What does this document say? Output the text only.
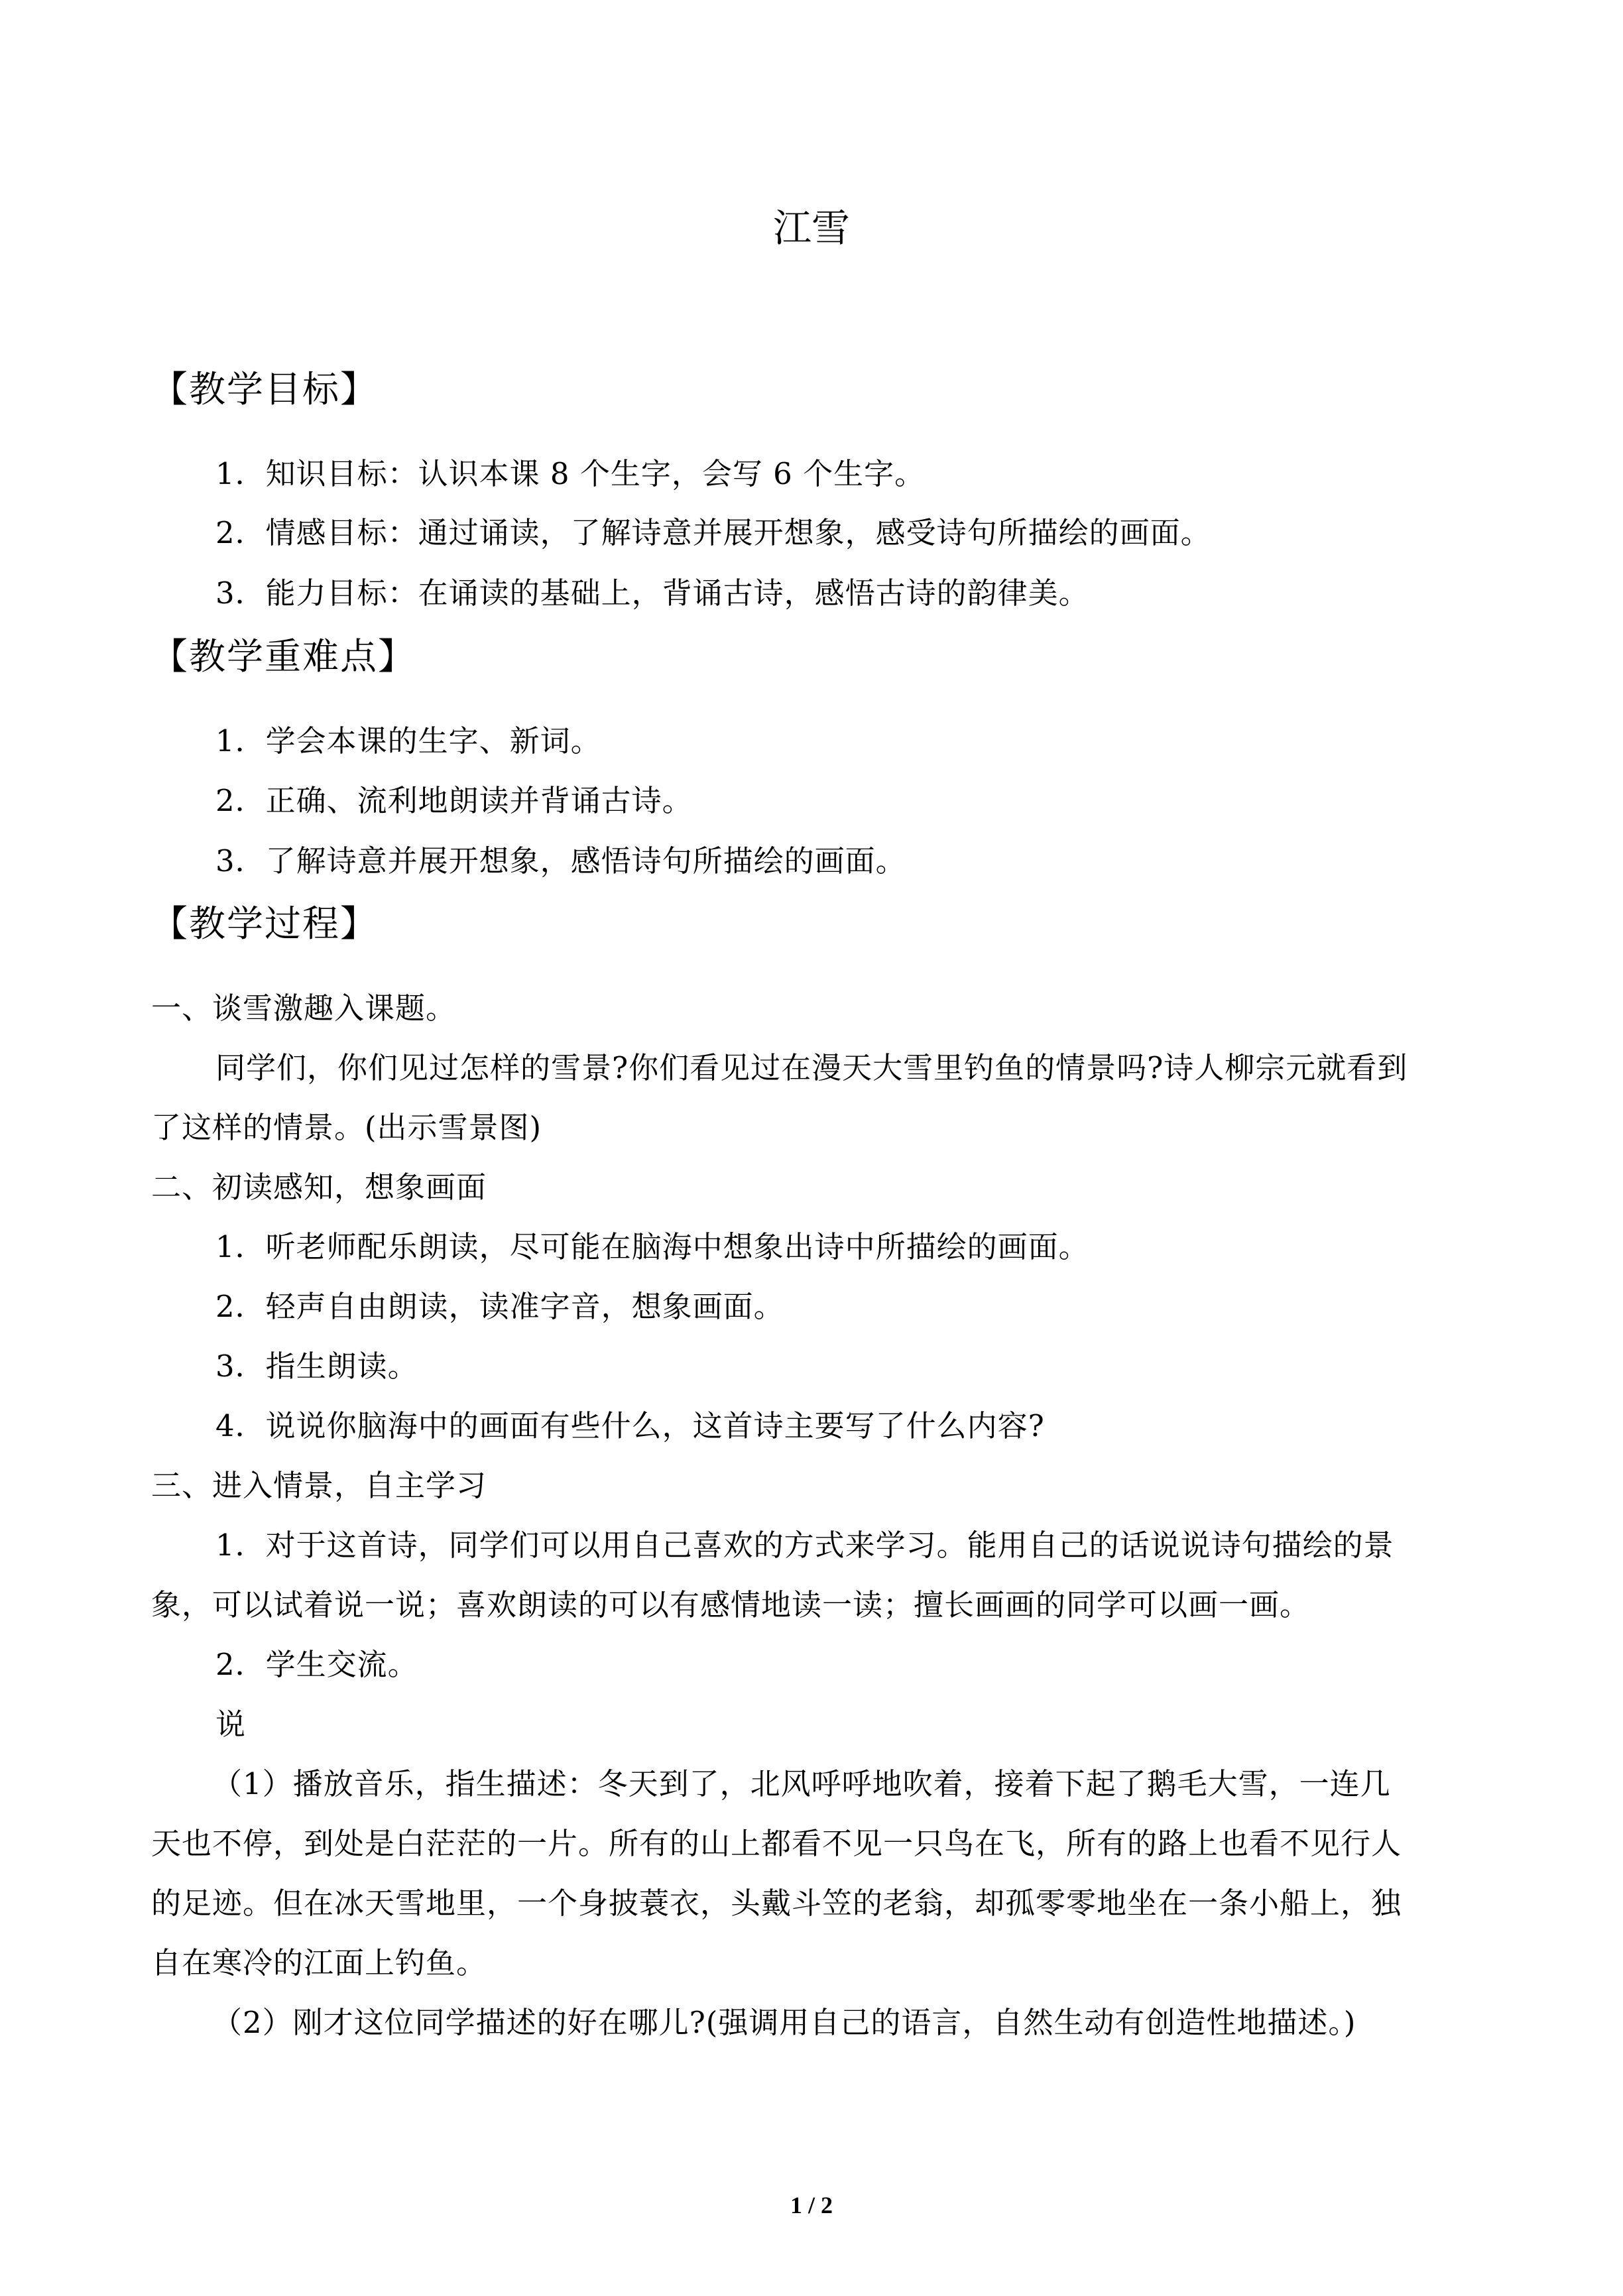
江雪
【教学目标】
1．知识目标：认识本课 8 个生字，会写 6 个生字。
2．情感目标：通过诵读，了解诗意并展开想象，感受诗句所描绘的画面。
3．能力目标：在诵读的基础上，背诵古诗，感悟古诗的韵律美。
【教学重难点】
1．学会本课的生字、新词。
2．正确、流利地朗读并背诵古诗。
3．了解诗意并展开想象，感悟诗句所描绘的画面。
【教学过程】
一、谈雪激趣入课题。
同学们，你们见过怎样的雪景?你们看见过在漫天大雪里钓鱼的情景吗?诗人柳宗元就看到
了这样的情景。(出示雪景图)
二、初读感知，想象画面
1．听老师配乐朗读，尽可能在脑海中想象出诗中所描绘的画面。
2．轻声自由朗读，读准字音，想象画面。
3．指生朗读。
4．说说你脑海中的画面有些什么，这首诗主要写了什么内容?
三、进入情景，自主学习
1．对于这首诗，同学们可以用自己喜欢的方式来学习。能用自己的话说说诗句描绘的景
象，可以试着说一说；喜欢朗读的可以有感情地读一读；擅长画画的同学可以画一画。
2．学生交流。
说
（1）播放音乐，指生描述：冬天到了，北风呼呼地吹着，接着下起了鹅毛大雪，一连几
天也不停，到处是白茫茫的一片。所有的山上都看不见一只鸟在飞，所有的路上也看不见行人
的足迹。但在冰天雪地里，一个身披蓑衣，头戴斗笠的老翁，却孤零零地坐在一条小船上，独
自在寒冷的江面上钓鱼。
（2）刚才这位同学描述的好在哪儿?(强调用自己的语言，自然生动有创造性地描述。)
1 / 2
